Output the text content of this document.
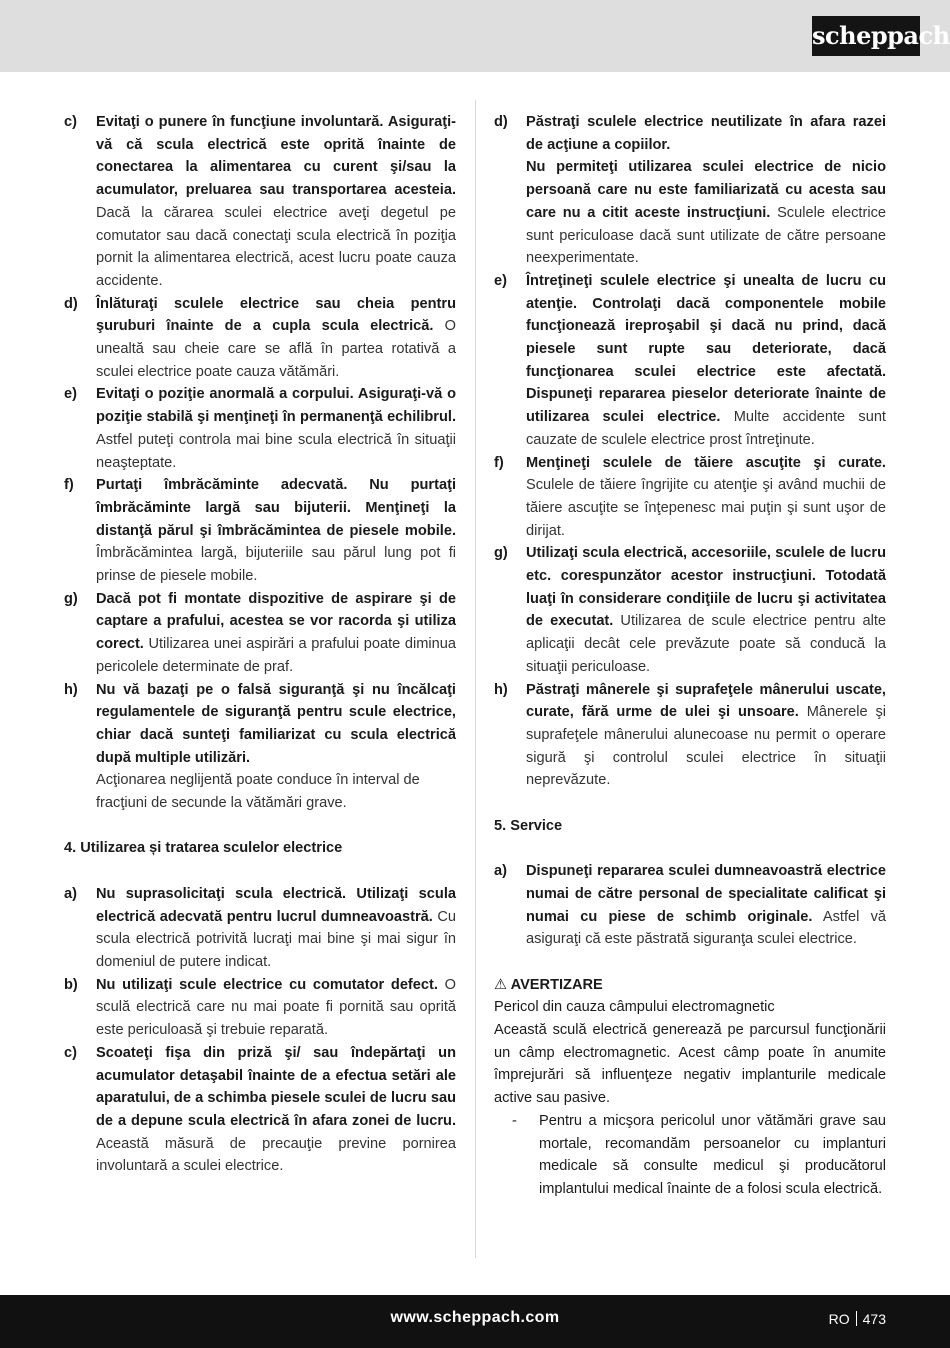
scheppach
c) Evitaţi o punere în funcţiune involuntară. Asiguraţi-vă că scula electrică este oprită înainte de conectarea la alimentarea cu curent şi/sau la acumulator, preluarea sau transportarea acesteia. Dacă la cărarea sculei electrice aveţi degetul pe comutator sau dacă conectaţi scula electrică în poziţia pornit la alimentarea electrică, acest lucru poate cauza accidente.

d) Înlăturaţi sculele electrice sau cheia pentru şuruburi înainte de a cupla scula electrică. O unealtă sau cheie care se află în partea rotativă a sculei electrice poate cauza vătămări.

e) Evitaţi o poziţie anormală a corpului. Asiguraţi-vă o poziţie stabilă şi menţineţi în permanenţă echilibrul. Astfel puteţi controla mai bine scula electrică în situaţii neaşteptate.

f) Purtaţi îmbrăcăminte adecvată. Nu purtaţi îmbrăcăminte largă sau bijuterii. Menţineţi la distanţă părul şi îmbrăcămintea de piesele mobile. Îmbrăcămintea largă, bijuteriile sau părul lung pot fi prinse de piesele mobile.

g) Dacă pot fi montate dispozitive de aspirare şi de captare a prafului, acestea se vor racorda şi utiliza corect. Utilizarea unei aspirări a prafului poate diminua pericolele determinate de praf.

h) Nu vă bazaţi pe o falsă siguranţă şi nu încălcaţi regulamentele de siguranţă pentru scule electrice, chiar dacă sunteţi familiarizat cu scula electrică după multiple utilizări.

Acţionarea neglijentă poate conduce în interval de fracţiuni de secunde la vătămări grave.

4. Utilizarea și tratarea sculelor electrice
a) Nu suprasolicitaţi scula electrică. Utilizaţi scula electrică adecvată pentru lucrul dumneavoastră. Cu scula electrică potrivită lucraţi mai bine şi mai sigur în domeniul de putere indicat.

b) Nu utilizaţi scule electrice cu comutator defect. O sculă electrică care nu mai poate fi pornită sau oprită este periculoasă şi trebuie reparată.

c) Scoateţi fişa din priză şi/ sau îndepărtaţi un acumulator detaşabil înainte de a efectua setări ale aparatului, de a schimba piesele sculei de lucru sau de a depune scula electrică în afara zonei de lucru. Această măsură de precauţie previne pornirea involuntară a sculei electrice.

d) Păstraţi sculele electrice neutilizate în afara razei de acţiune a copiilor.

Nu permiteţi utilizarea sculei electrice de nicio persoană care nu este familiarizată cu acesta sau care nu a citit aceste instrucţiuni. Sculele electrice sunt periculoase dacă sunt utilizate de către persoane neexperimentate.

e) Întreţineţi sculele electrice şi unealta de lucru cu atenţie. Controlaţi dacă componentele mobile funcţionează ireproşabil şi dacă nu prind, dacă piesele sunt rupte sau deteriorate, dacă funcţionarea sculei electrice este afectată. Dispuneţi repararea pieselor deteriorate înainte de utilizarea sculei electrice. Multe accidente sunt cauzate de sculele electrice prost întreţinute.

f) Menţineţi sculele de tăiere ascuţite şi curate. Sculele de tăiere îngrijite cu atenţie şi având muchii de tăiere ascuţite se înţepenesc mai puţin şi sunt uşor de dirijat.

g) Utilizaţi scula electrică, accesoriile, sculele de lucru etc. corespunzător acestor instrucţiuni. Totodată luaţi în considerare condiţiile de lucru şi activitatea de executat. Utilizarea de scule electrice pentru alte aplicaţii decât cele prevăzute poate să conducă la situaţii periculoase.

h) Păstraţi mânerele şi suprafeţele mânerului uscate, curate, fără urme de ulei şi unsoare. Mânerele şi suprafeţele mânerului alunecoase nu permit o operare sigură şi controlul sculei electrice în situaţii neprevăzute.

5. Service
a) Dispuneţi repararea sculei dumneavoastră electrice numai de către personal de specialitate calificat şi numai cu piese de schimb originale. Astfel vă asiguraţi că este păstrată siguranţa sculei electrice.

⚠ AVERTIZARE
Pericol din cauza câmpului electromagnetic
Această sculă electrică generează pe parcursul funcţionării un câmp electromagnetic. Acest câmp poate în anumite împrejurări să influenţeze negativ implanturile medicale active sau pasive.
- Pentru a micşora pericolul unor vătămări grave sau mortale, recomandăm persoanelor cu implanturi medicale să consulte medicul şi producătorul implantului medical înainte de a folosi scula electrică.
www.scheppach.com	RO 473
